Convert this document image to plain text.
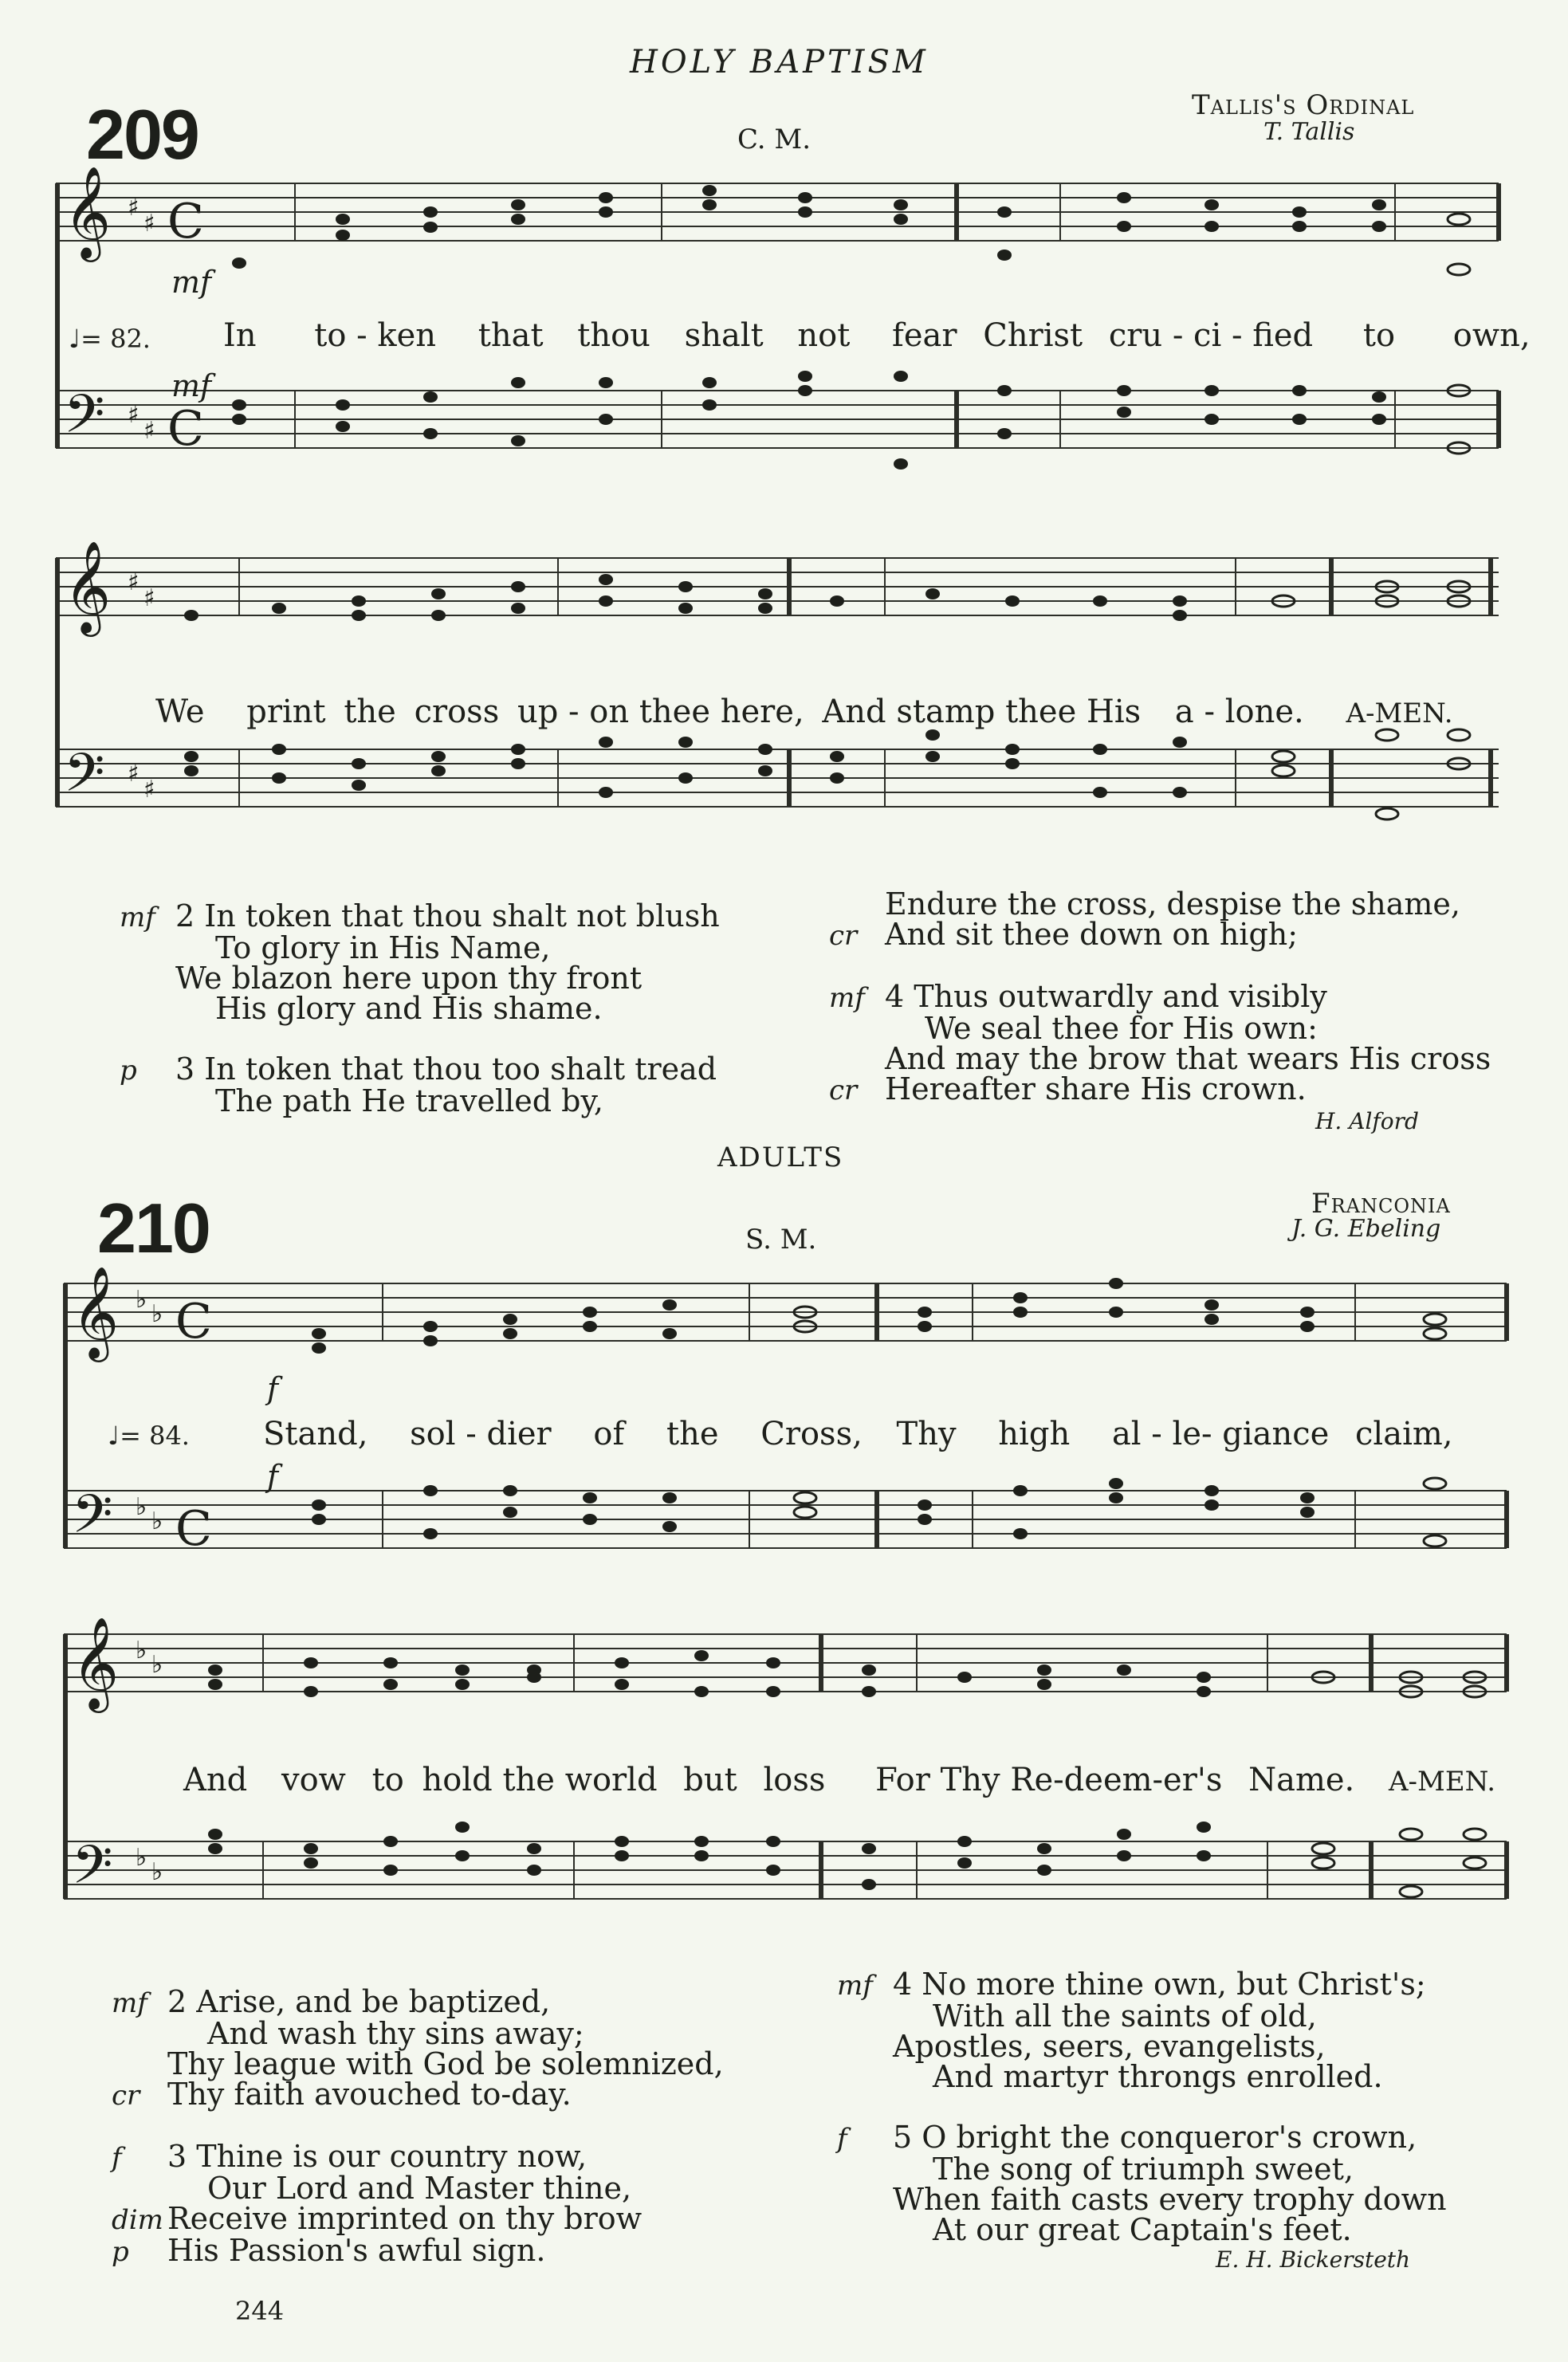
HOLY BAPTISM
209	C. M.
Tallis's Ordinal
T. Tallis
𝄞
𝄢
♯
♯
♯
♯
C
C
mf
♩= 82.
mf
In to - ken that thou shalt not fear Christ cru - ci - fied to own,
𝄞
𝄢
♯
♯
♯
♯
We print the cross up - on thee here, And stamp thee His a - lone. A-MEN.
mf 2 In token that thou shalt not blush
To glory in His Name,
We blazon here upon thy front
His glory and His shame.
p 3 In token that thou too shalt tread
The path He travelled by,
Endure the cross, despise the shame,
cr And sit thee down on high;
mf 4 Thus outwardly and visibly
We seal thee for His own:
And may the brow that wears His cross
cr Hereafter share His crown.
H. Alford
ADULTS
210	S. M.
Franconia
J. G. Ebeling
𝄞
𝄢
♭
♭
♭
♭
C
C
f
♩= 84.
f
Stand, sol - dier of the Cross, Thy high al - le- giance claim,
𝄞
𝄢
♭
♭
♭
♭
And vow to hold the world but loss For Thy Re-deem-er's Name. A-MEN.
mf 2 Arise, and be baptized,
And wash thy sins away;
Thy league with God be solemnized,
cr Thy faith avouched to-day.
f 3 Thine is our country now,
Our Lord and Master thine,
dim Receive imprinted on thy brow
p His Passion's awful sign.
mf 4 No more thine own, but Christ's;
With all the saints of old,
Apostles, seers, evangelists,
And martyr throngs enrolled.
f 5 O bright the conqueror's crown,
The song of triumph sweet,
When faith casts every trophy down
At our great Captain's feet.
E. H. Bickersteth
244
